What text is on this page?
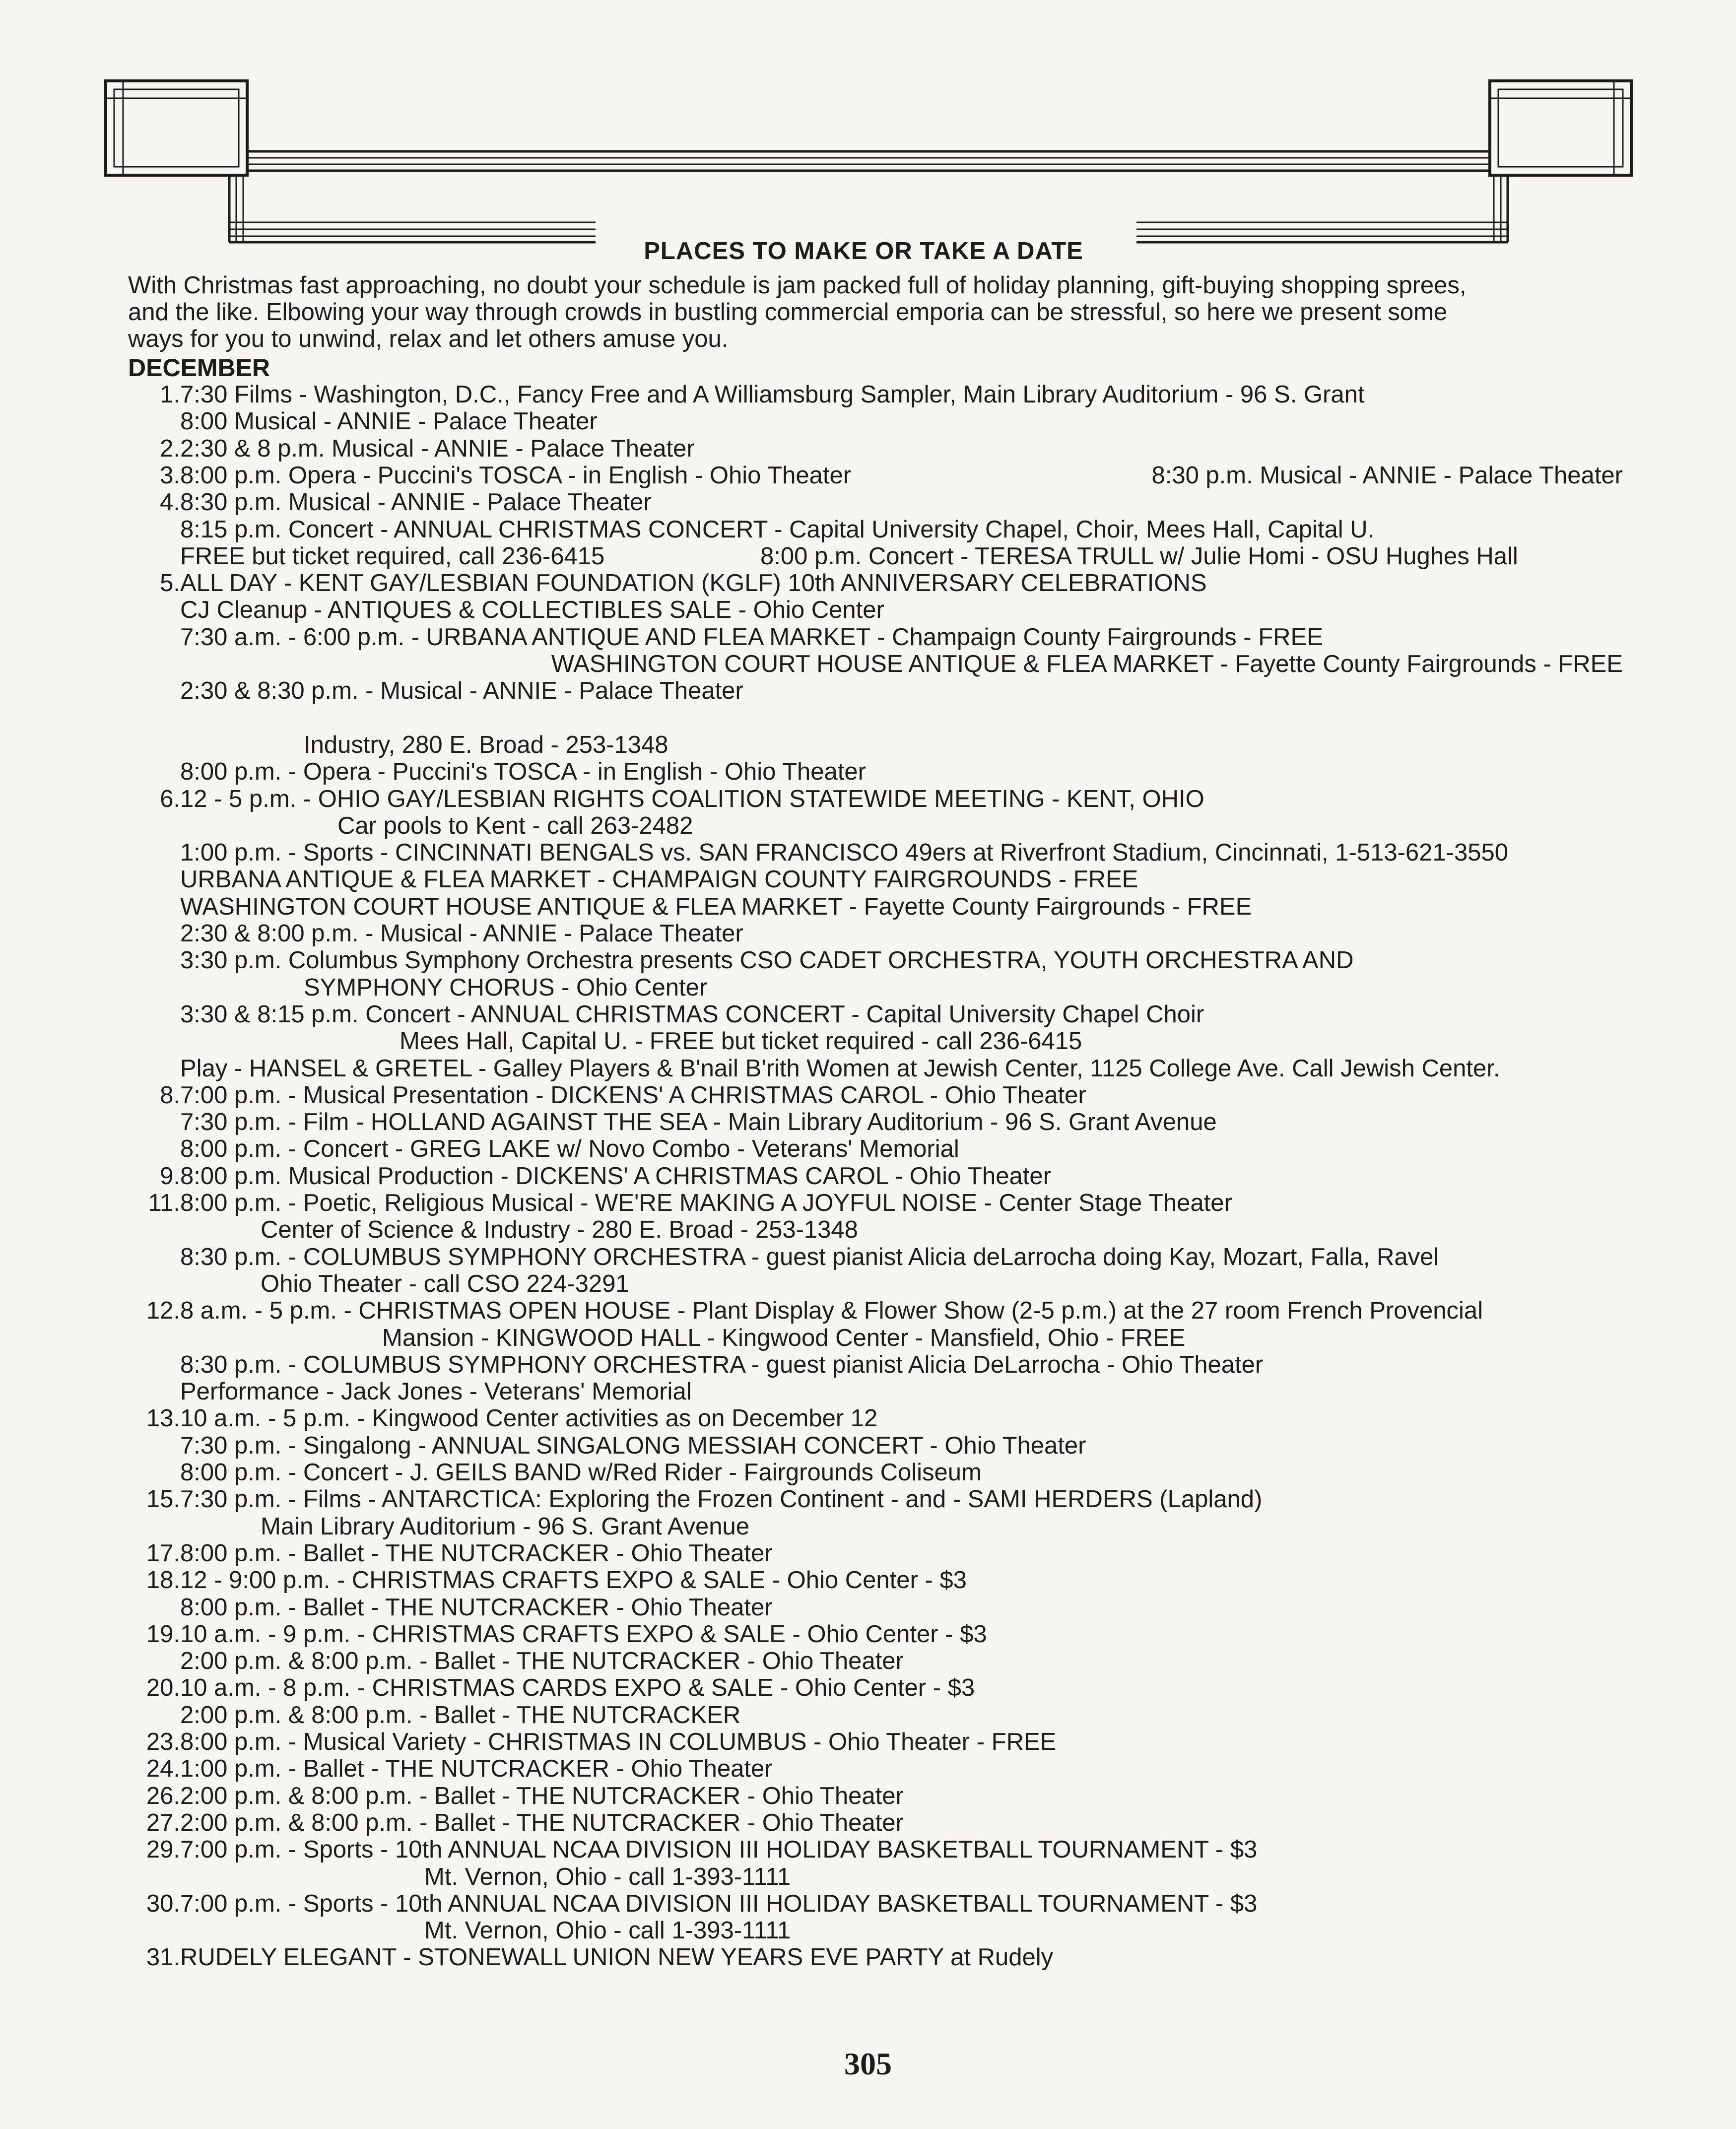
PLACES TO MAKE OR TAKE A DATE

With Christmas fast approaching, no doubt your schedule is jam packed full of holiday planning, gift-buying shopping sprees,

and the like. Elbowing your way through crowds in bustling commercial emporia can be stressful, so here we present some

ways for you to unwind, relax and let others amuse you.

DECEMBER
1. 7:30 Films - Washington, D.C., Fancy Free and A Williamsburg Sampler, Main Library Auditorium - 96 S. Grant
8:00 Musical - ANNIE - Palace Theater
2. 2:30 & 8 p.m. Musical - ANNIE - Palace Theater
3. 8:00 p.m. Opera - Puccini's TOSCA - in English - Ohio Theater	8:30 p.m. Musical - ANNIE - Palace Theater
4. 8:30 p.m. Musical - ANNIE - Palace Theater
8:15 p.m. Concert - ANNUAL CHRISTMAS CONCERT - Capital University Chapel, Choir, Mees Hall, Capital U.
FREE but ticket required, call 236-6415	8:00 p.m. Concert - TERESA TRULL w/ Julie Homi - OSU Hughes Hall
5. ALL DAY - KENT GAY/LESBIAN FOUNDATION (KGLF) 10th ANNIVERSARY CELEBRATIONS
CJ Cleanup - ANTIQUES & COLLECTIBLES SALE - Ohio Center
7:30 a.m. - 6:00 p.m. - URBANA ANTIQUE AND FLEA MARKET - Champaign County Fairgrounds - FREE
WASHINGTON COURT HOUSE ANTIQUE & FLEA MARKET - Fayette County Fairgrounds - FREE
2:30 & 8:30 p.m. - Musical - ANNIE - Palace Theater
Industry, 280 E. Broad - 253-1348
8:00 p.m. - Opera - Puccini's TOSCA - in English - Ohio Theater
6. 12 - 5 p.m. - OHIO GAY/LESBIAN RIGHTS COALITION STATEWIDE MEETING - KENT, OHIO
Car pools to Kent - call 263-2482
1:00 p.m. - Sports - CINCINNATI BENGALS vs. SAN FRANCISCO 49ers at Riverfront Stadium, Cincinnati, 1-513-621-3550
URBANA ANTIQUE & FLEA MARKET - CHAMPAIGN COUNTY FAIRGROUNDS - FREE
WASHINGTON COURT HOUSE ANTIQUE & FLEA MARKET - Fayette County Fairgrounds - FREE
2:30 & 8:00 p.m. - Musical - ANNIE - Palace Theater
3:30 p.m. Columbus Symphony Orchestra presents CSO CADET ORCHESTRA, YOUTH ORCHESTRA AND
SYMPHONY CHORUS - Ohio Center
3:30 & 8:15 p.m. Concert - ANNUAL CHRISTMAS CONCERT - Capital University Chapel Choir
Mees Hall, Capital U. - FREE but ticket required - call 236-6415
Play - HANSEL & GRETEL - Galley Players & B'nail B'rith Women at Jewish Center, 1125 College Ave. Call Jewish Center.
8. 7:00 p.m. - Musical Presentation - DICKENS' A CHRISTMAS CAROL - Ohio Theater
7:30 p.m. - Film - HOLLAND AGAINST THE SEA - Main Library Auditorium - 96 S. Grant Avenue
8:00 p.m. - Concert - GREG LAKE w/ Novo Combo - Veterans' Memorial
9. 8:00 p.m. Musical Production - DICKENS' A CHRISTMAS CAROL - Ohio Theater
11. 8:00 p.m. - Poetic, Religious Musical - WE'RE MAKING A JOYFUL NOISE - Center Stage Theater
Center of Science & Industry - 280 E. Broad - 253-1348
8:30 p.m. - COLUMBUS SYMPHONY ORCHESTRA - guest pianist Alicia deLarrocha doing Kay, Mozart, Falla, Ravel
Ohio Theater - call CSO 224-3291
12. 8 a.m. - 5 p.m. - CHRISTMAS OPEN HOUSE - Plant Display & Flower Show (2-5 p.m.) at the 27 room French Provencial
Mansion - KINGWOOD HALL - Kingwood Center - Mansfield, Ohio - FREE
8:30 p.m. - COLUMBUS SYMPHONY ORCHESTRA - guest pianist Alicia DeLarrocha - Ohio Theater
Performance - Jack Jones - Veterans' Memorial
13. 10 a.m. - 5 p.m. - Kingwood Center activities as on December 12
7:30 p.m. - Singalong - ANNUAL SINGALONG MESSIAH CONCERT - Ohio Theater
8:00 p.m. - Concert - J. GEILS BAND w/Red Rider - Fairgrounds Coliseum
15. 7:30 p.m. - Films - ANTARCTICA: Exploring the Frozen Continent - and - SAMI HERDERS (Lapland)
Main Library Auditorium - 96 S. Grant Avenue
17. 8:00 p.m. - Ballet - THE NUTCRACKER - Ohio Theater
18. 12 - 9:00 p.m. - CHRISTMAS CRAFTS EXPO & SALE - Ohio Center - $3
8:00 p.m. - Ballet - THE NUTCRACKER - Ohio Theater
19. 10 a.m. - 9 p.m. - CHRISTMAS CRAFTS EXPO & SALE - Ohio Center - $3
2:00 p.m. & 8:00 p.m. - Ballet - THE NUTCRACKER - Ohio Theater
20. 10 a.m. - 8 p.m. - CHRISTMAS CARDS EXPO & SALE - Ohio Center - $3
2:00 p.m. & 8:00 p.m. - Ballet - THE NUTCRACKER
23. 8:00 p.m. - Musical Variety - CHRISTMAS IN COLUMBUS - Ohio Theater - FREE
24. 1:00 p.m. - Ballet - THE NUTCRACKER - Ohio Theater
26. 2:00 p.m. & 8:00 p.m. - Ballet - THE NUTCRACKER - Ohio Theater
27. 2:00 p.m. & 8:00 p.m. - Ballet - THE NUTCRACKER - Ohio Theater
29. 7:00 p.m. - Sports - 10th ANNUAL NCAA DIVISION III HOLIDAY BASKETBALL TOURNAMENT - $3
Mt. Vernon, Ohio - call 1-393-1111
30. 7:00 p.m. - Sports - 10th ANNUAL NCAA DIVISION III HOLIDAY BASKETBALL TOURNAMENT - $3
Mt. Vernon, Ohio - call 1-393-1111
31. RUDELY ELEGANT - STONEWALL UNION NEW YEARS EVE PARTY at Rudely
305
